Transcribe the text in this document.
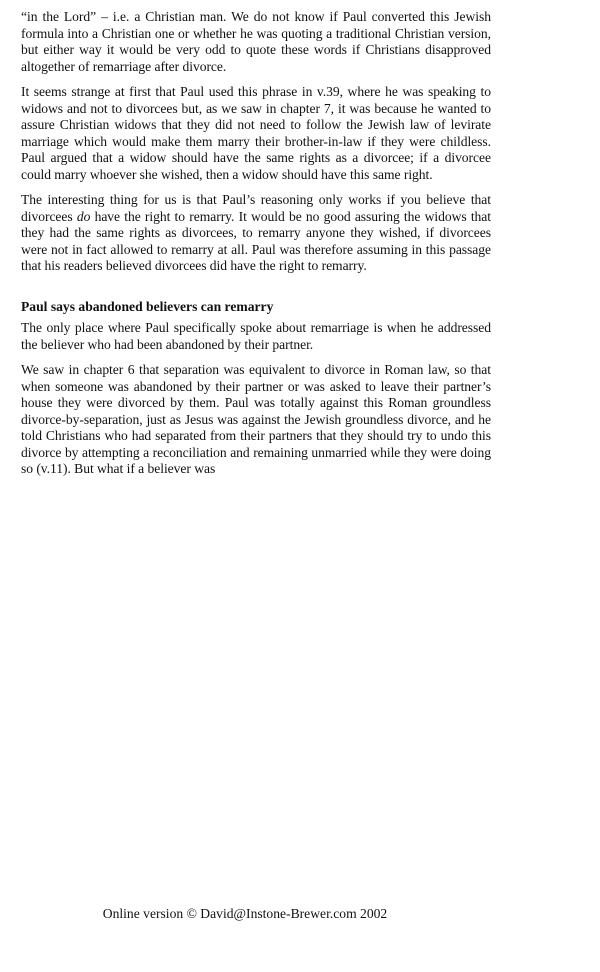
“in the Lord” – i.e. a Christian man. We do not know if Paul converted this Jewish formula into a Christian one or whether he was quoting a traditional Christian version, but either way it would be very odd to quote these words if Christians disapproved altogether of remarriage after divorce.

It seems strange at first that Paul used this phrase in v.39, where he was speaking to widows and not to divorcees but, as we saw in chapter 7, it was because he wanted to assure Christian widows that they did not need to follow the Jewish law of levirate marriage which would make them marry their brother-in-law if they were childless. Paul argued that a widow should have the same rights as a divorcee; if a divorcee could marry whoever she wished, then a widow should have this same right.

The interesting thing for us is that Paul’s reasoning only works if you believe that divorcees do have the right to remarry. It would be no good assuring the widows that they had the same rights as divorcees, to remarry anyone they wished, if divorcees were not in fact allowed to remarry at all. Paul was therefore assuming in this passage that his readers believed divorcees did have the right to remarry.

Paul says abandoned believers can remarry

The only place where Paul specifically spoke about remarriage is when he addressed the believer who had been abandoned by their partner.

We saw in chapter 6 that separation was equivalent to divorce in Roman law, so that when someone was abandoned by their partner or was asked to leave their partner’s house they were divorced by them. Paul was totally against this Roman groundless divorce-by-separation, just as Jesus was against the Jewish groundless divorce, and he told Christians who had separated from their partners that they should try to undo this divorce by attempting a reconciliation and remaining unmarried while they were doing so (v.11). But what if a believer was

Online version © David@Instone-Brewer.com 2002
